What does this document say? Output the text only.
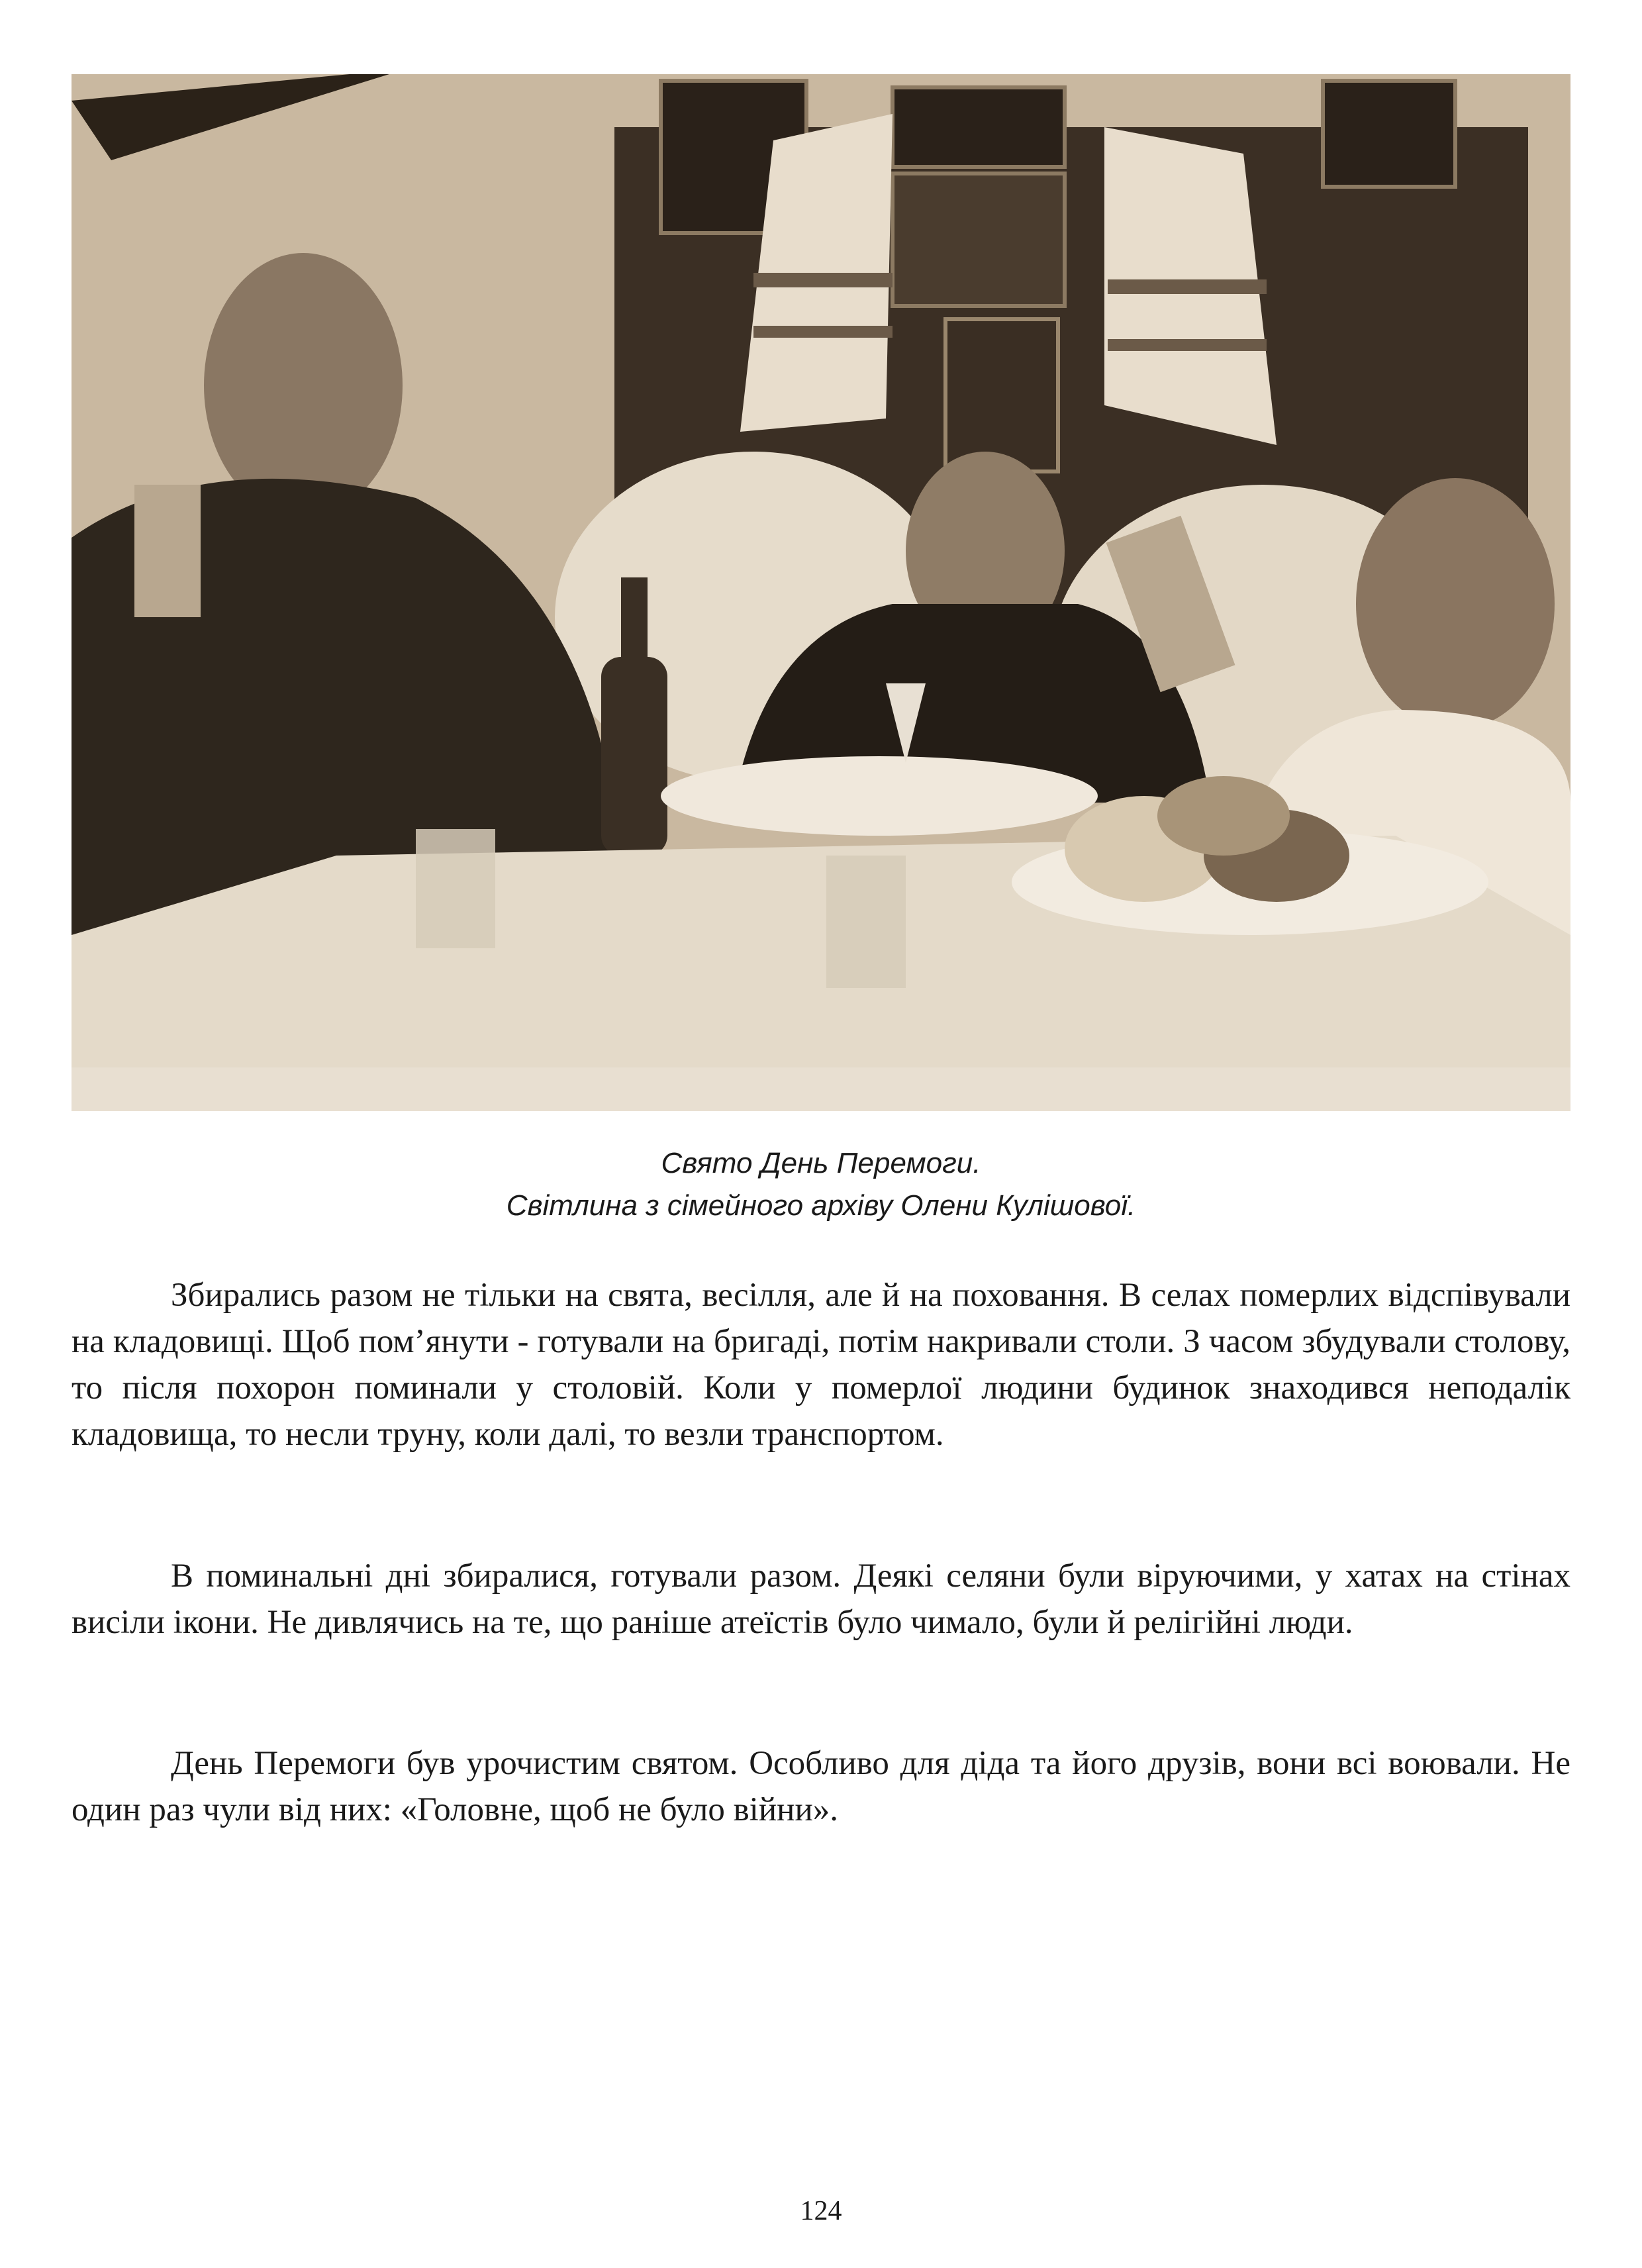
Свято День Перемоги.
Світлина з сімейного архіву Олени Кулішової.

Збирались разом не тільки на свята, весілля, але й на поховання. В селах померлих відспівували на кладовищі. Щоб пом’янути - готували на бригаді, потім накривали столи. З часом збудували столову, то після похорон поминали у столовій. Коли у померлої людини будинок знаходився неподалік кладовища, то несли труну, коли далі, то везли транспортом.

В поминальні дні збиралися, готували разом. Деякі селяни були віруючими, у хатах на стінах висіли ікони. Не дивлячись на те, що раніше атеїстів було чимало, були й релігійні люди.

День Перемоги був урочистим святом. Особливо для діда та його друзів, вони всі воювали. Не один раз чули від них: «Головне, щоб не було війни».

124
